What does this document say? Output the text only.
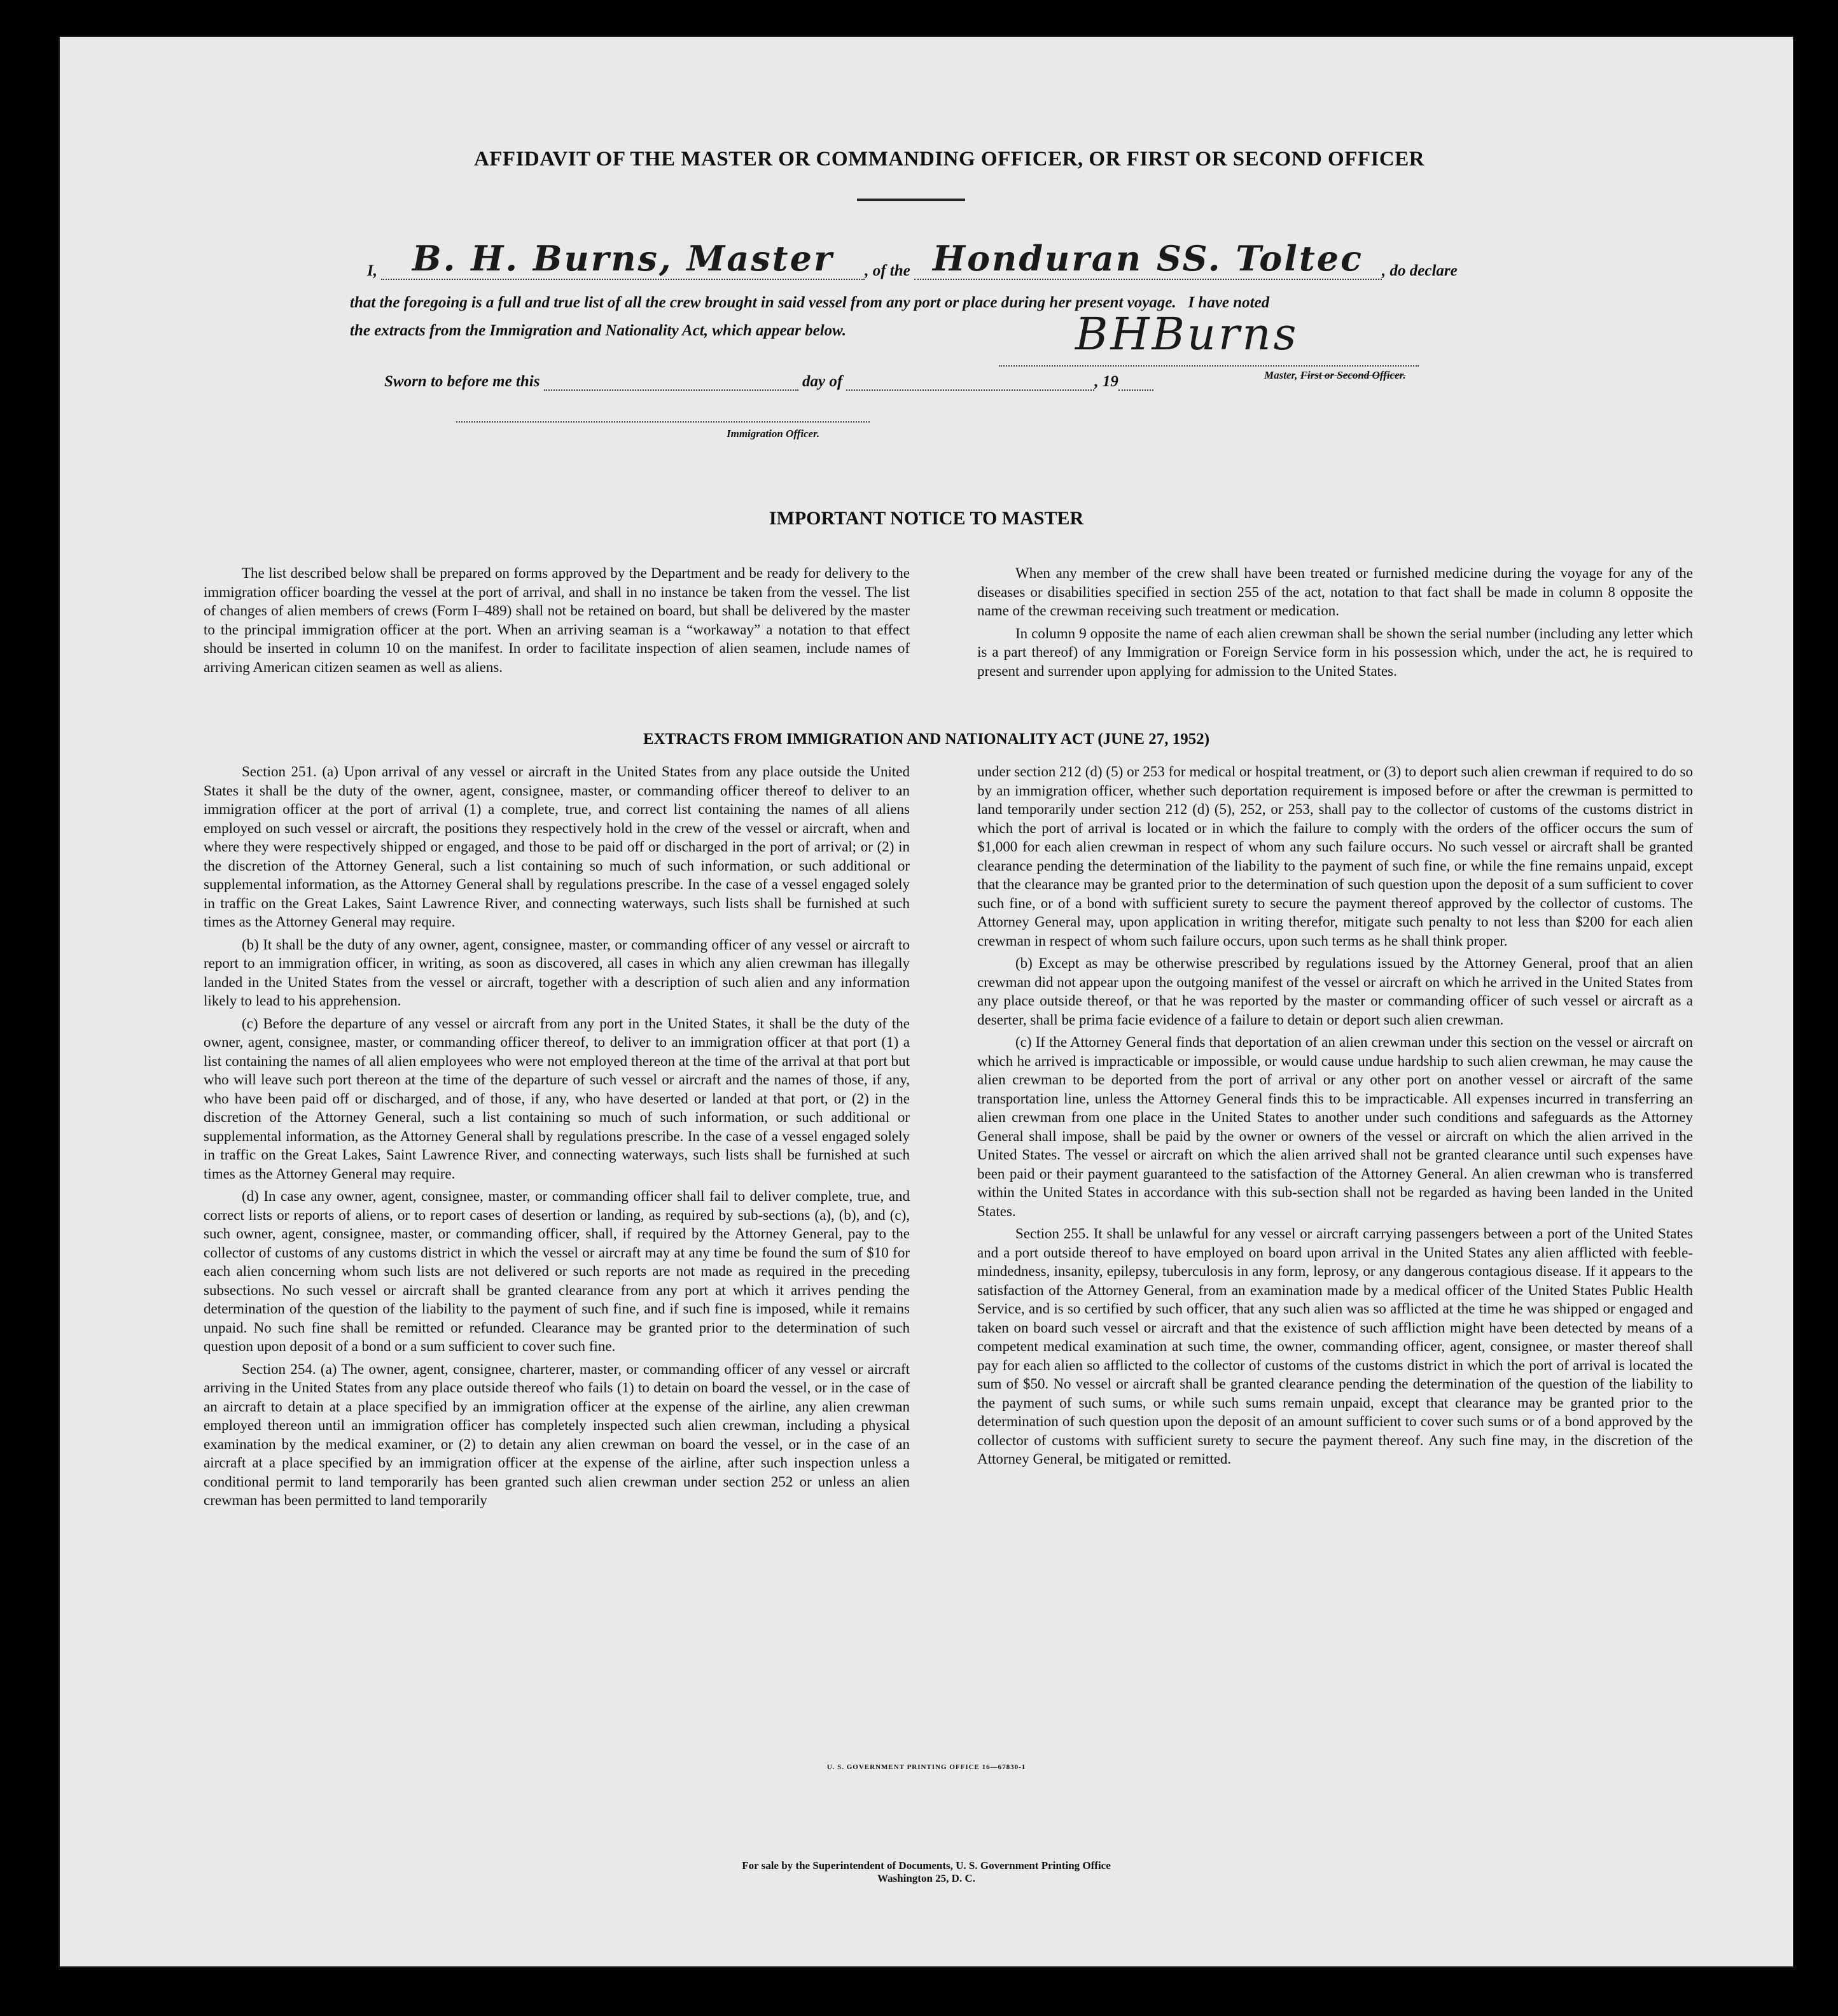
AFFIDAVIT OF THE MASTER OR COMMANDING OFFICER, OR FIRST OR SECOND OFFICER
I, B. H. Burns, Master , of the Honduran SS. Toltec , do declare
that the foregoing is a full and true list of all the crew brought in said vessel from any port or place during her present voyage. I have noted
the extracts from the Immigration and Nationality Act, which appear below.	BHBurns
Master, First or Second Officer.
Sworn to before me this	day of	, 19
Immigration Officer.
IMPORTANT NOTICE TO MASTER

The list described below shall be prepared on forms approved by the Department and be ready for delivery to the immigration officer boarding the vessel at the port of arrival, and shall in no instance be taken from the vessel. The list of changes of alien members of crews (Form I–489) shall not be retained on board, but shall be delivered by the master to the principal immigration officer at the port. When an arriving seaman is a “workaway” a notation to that effect should be inserted in column 10 on the manifest. In order to facilitate inspection of alien seamen, include names of arriving American citizen seamen as well as aliens.

When any member of the crew shall have been treated or furnished medicine during the voyage for any of the diseases or disabilities specified in section 255 of the act, notation to that fact shall be made in column 8 opposite the name of the crewman receiving such treatment or medication.

In column 9 opposite the name of each alien crewman shall be shown the serial number (including any letter which is a part thereof) of any Immigration or Foreign Service form in his possession which, under the act, he is required to present and surrender upon applying for admission to the United States.

EXTRACTS FROM IMMIGRATION AND NATIONALITY ACT (JUNE 27, 1952)

Section 251. (a) Upon arrival of any vessel or aircraft in the United States from any place outside the United States it shall be the duty of the owner, agent, consignee, master, or commanding officer thereof to deliver to an immigration officer at the port of arrival (1) a complete, true, and correct list containing the names of all aliens employed on such vessel or aircraft, the positions they respectively hold in the crew of the vessel or aircraft, when and where they were respectively shipped or engaged, and those to be paid off or discharged in the port of arrival; or (2) in the discretion of the Attorney General, such a list containing so much of such information, or such additional or supplemental information, as the Attorney General shall by regulations prescribe. In the case of a vessel engaged solely in traffic on the Great Lakes, Saint Lawrence River, and connecting waterways, such lists shall be furnished at such times as the Attorney General may require.

(b) It shall be the duty of any owner, agent, consignee, master, or commanding officer of any vessel or aircraft to report to an immigration officer, in writing, as soon as discovered, all cases in which any alien crewman has illegally landed in the United States from the vessel or aircraft, together with a description of such alien and any information likely to lead to his apprehension.

(c) Before the departure of any vessel or aircraft from any port in the United States, it shall be the duty of the owner, agent, consignee, master, or commanding officer thereof, to deliver to an immigration officer at that port (1) a list containing the names of all alien employees who were not employed thereon at the time of the arrival at that port but who will leave such port thereon at the time of the departure of such vessel or aircraft and the names of those, if any, who have been paid off or discharged, and of those, if any, who have deserted or landed at that port, or (2) in the discretion of the Attorney General, such a list containing so much of such information, or such additional or supplemental information, as the Attorney General shall by regulations prescribe. In the case of a vessel engaged solely in traffic on the Great Lakes, Saint Lawrence River, and connecting waterways, such lists shall be furnished at such times as the Attorney General may require.

(d) In case any owner, agent, consignee, master, or commanding officer shall fail to deliver complete, true, and correct lists or reports of aliens, or to report cases of desertion or landing, as required by sub-sections (a), (b), and (c), such owner, agent, consignee, master, or commanding officer, shall, if required by the Attorney General, pay to the collector of customs of any customs district in which the vessel or aircraft may at any time be found the sum of $10 for each alien concerning whom such lists are not delivered or such reports are not made as required in the preceding subsections. No such vessel or aircraft shall be granted clearance from any port at which it arrives pending the determination of the question of the liability to the payment of such fine, and if such fine is imposed, while it remains unpaid. No such fine shall be remitted or refunded. Clearance may be granted prior to the determination of such question upon deposit of a bond or a sum sufficient to cover such fine.

Section 254. (a) The owner, agent, consignee, charterer, master, or commanding officer of any vessel or aircraft arriving in the United States from any place outside thereof who fails (1) to detain on board the vessel, or in the case of an aircraft to detain at a place specified by an immigration officer at the expense of the airline, any alien crewman employed thereon until an immigration officer has completely inspected such alien crewman, including a physical examination by the medical examiner, or (2) to detain any alien crewman on board the vessel, or in the case of an aircraft at a place specified by an immigration officer at the expense of the airline, after such inspection unless a conditional permit to land temporarily has been granted such alien crewman under section 252 or unless an alien crewman has been permitted to land temporarily

under section 212 (d) (5) or 253 for medical or hospital treatment, or (3) to deport such alien crewman if required to do so by an immigration officer, whether such deportation requirement is imposed before or after the crewman is permitted to land temporarily under section 212 (d) (5), 252, or 253, shall pay to the collector of customs of the customs district in which the port of arrival is located or in which the failure to comply with the orders of the officer occurs the sum of $1,000 for each alien crewman in respect of whom any such failure occurs. No such vessel or aircraft shall be granted clearance pending the determination of the liability to the payment of such fine, or while the fine remains unpaid, except that the clearance may be granted prior to the determination of such question upon the deposit of a sum sufficient to cover such fine, or of a bond with sufficient surety to secure the payment thereof approved by the collector of customs. The Attorney General may, upon application in writing therefor, mitigate such penalty to not less than $200 for each alien crewman in respect of whom such failure occurs, upon such terms as he shall think proper.

(b) Except as may be otherwise prescribed by regulations issued by the Attorney General, proof that an alien crewman did not appear upon the outgoing manifest of the vessel or aircraft on which he arrived in the United States from any place outside thereof, or that he was reported by the master or commanding officer of such vessel or aircraft as a deserter, shall be prima facie evidence of a failure to detain or deport such alien crewman.

(c) If the Attorney General finds that deportation of an alien crewman under this section on the vessel or aircraft on which he arrived is impracticable or impossible, or would cause undue hardship to such alien crewman, he may cause the alien crewman to be deported from the port of arrival or any other port on another vessel or aircraft of the same transportation line, unless the Attorney General finds this to be impracticable. All expenses incurred in transferring an alien crewman from one place in the United States to another under such conditions and safeguards as the Attorney General shall impose, shall be paid by the owner or owners of the vessel or aircraft on which the alien arrived in the United States. The vessel or aircraft on which the alien arrived shall not be granted clearance until such expenses have been paid or their payment guaranteed to the satisfaction of the Attorney General. An alien crewman who is transferred within the United States in accordance with this sub-section shall not be regarded as having been landed in the United States.

Section 255. It shall be unlawful for any vessel or aircraft carrying passengers between a port of the United States and a port outside thereof to have employed on board upon arrival in the United States any alien afflicted with feeble-mindedness, insanity, epilepsy, tuberculosis in any form, leprosy, or any dangerous contagious disease. If it appears to the satisfaction of the Attorney General, from an examination made by a medical officer of the United States Public Health Service, and is so certified by such officer, that any such alien was so afflicted at the time he was shipped or engaged and taken on board such vessel or aircraft and that the existence of such affliction might have been detected by means of a competent medical examination at such time, the owner, commanding officer, agent, consignee, or master thereof shall pay for each alien so afflicted to the collector of customs of the customs district in which the port of arrival is located the sum of $50. No vessel or aircraft shall be granted clearance pending the determination of the question of the liability to the payment of such sums, or while such sums remain unpaid, except that clearance may be granted prior to the determination of such question upon the deposit of an amount sufficient to cover such sums or of a bond approved by the collector of customs with sufficient surety to secure the payment thereof. Any such fine may, in the discretion of the Attorney General, be mitigated or remitted.

U. S. GOVERNMENT PRINTING OFFICE 16—67830-1
For sale by the Superintendent of Documents, U. S. Government Printing Office
Washington 25, D. C.
